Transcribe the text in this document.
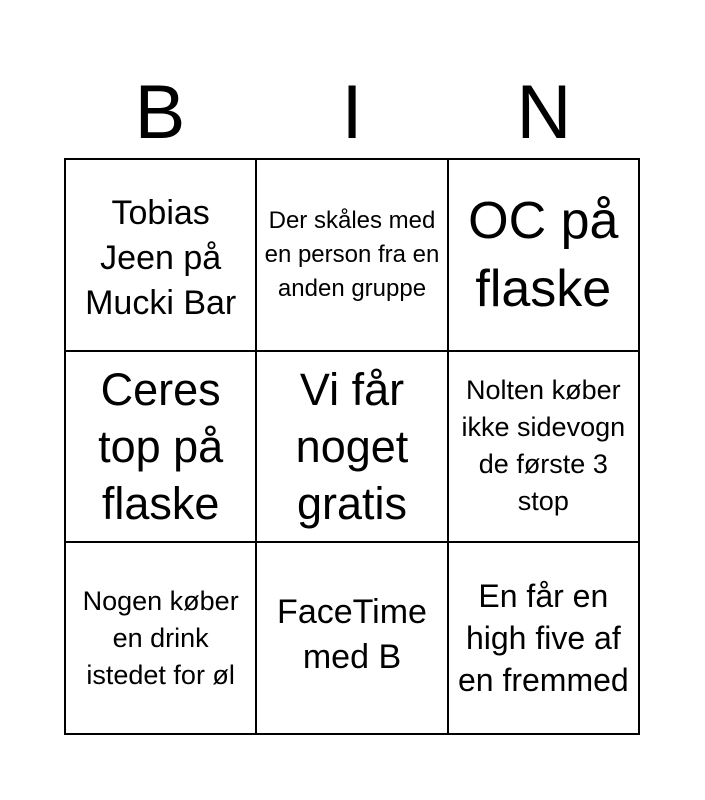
B	I	N
Tobias Jeen på Mucki Bar
Der skåles med en person fra en anden gruppe
OC på flaske
Ceres top på flaske
Vi får noget gratis
Nolten køber ikke sidevogn de første 3 stop
Nogen køber en drink istedet for øl
FaceTime med B
En får en high five af en fremmed
